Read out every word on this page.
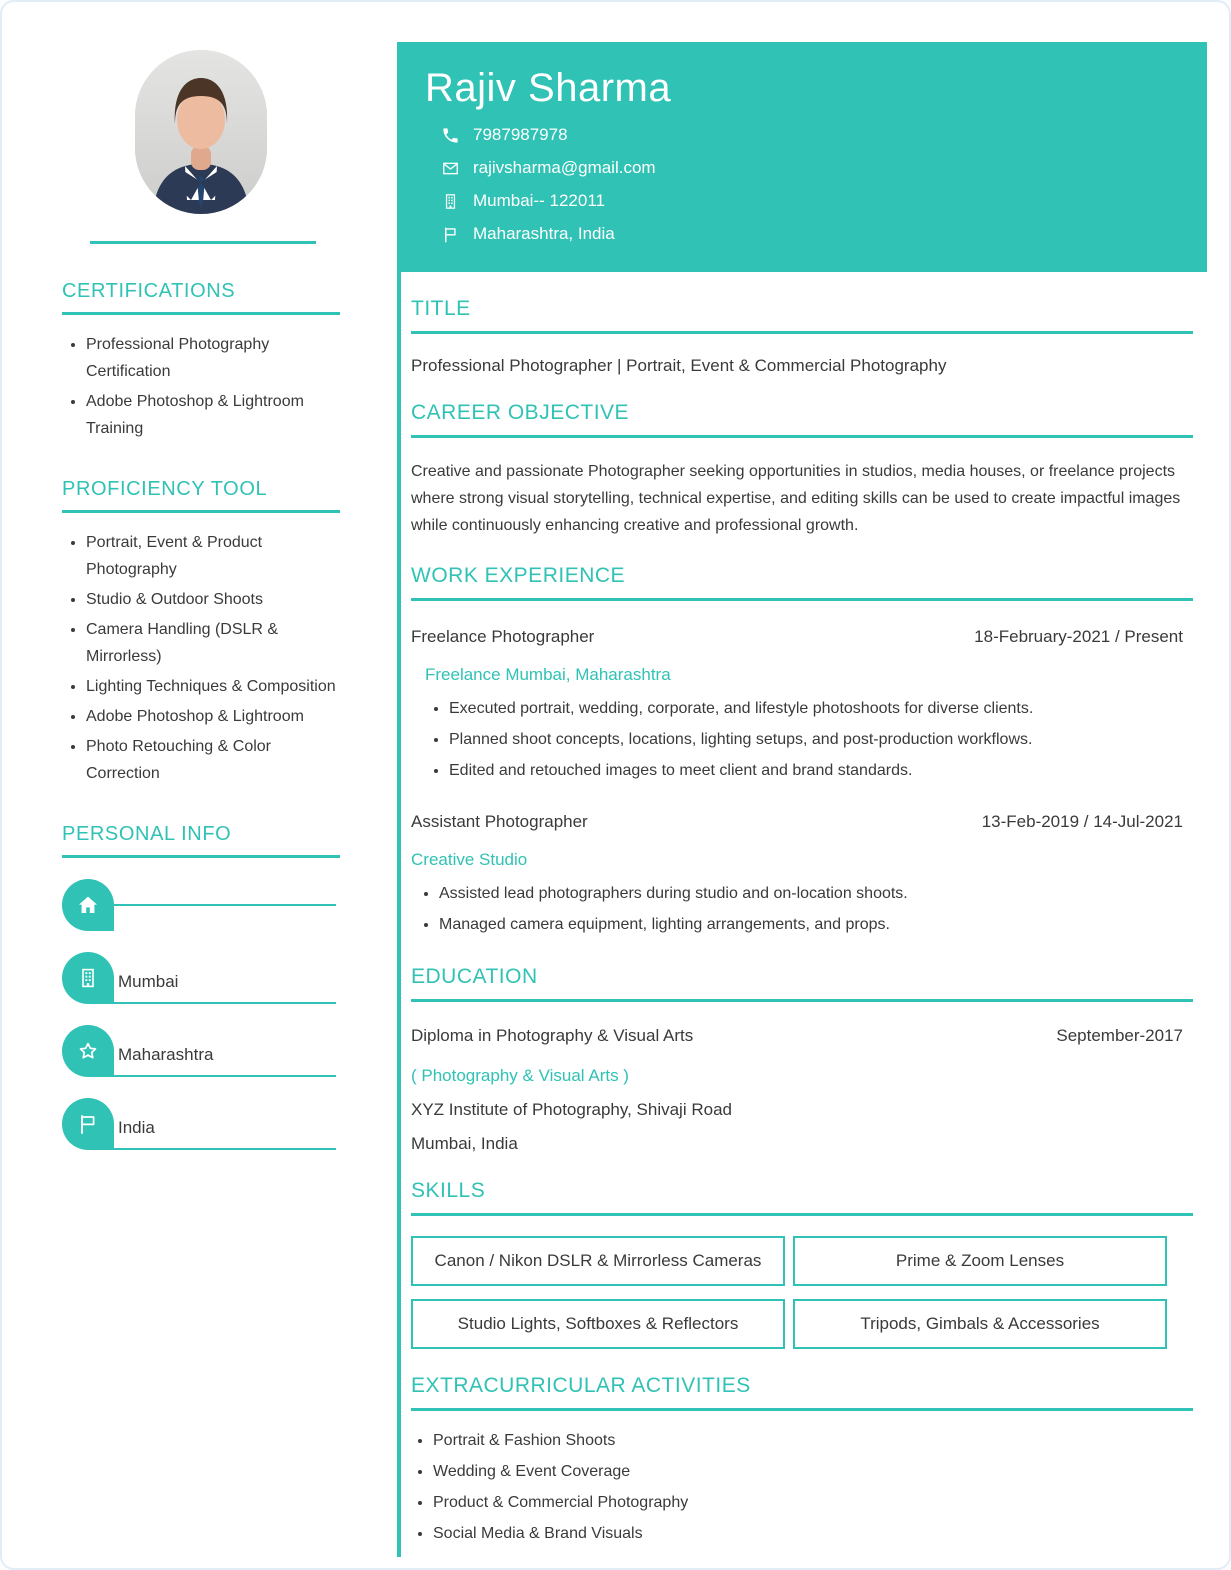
CERTIFICATIONS
• Professional Photography Certification
• Adobe Photoshop & Lightroom Training
PROFICIENCY TOOL
• Portrait, Event & Product Photography
• Studio & Outdoor Shoots
• Camera Handling (DSLR & Mirrorless)
• Lighting Techniques & Composition
• Adobe Photoshop & Lightroom
• Photo Retouching & Color Correction
PERSONAL INFO
Mumbai
Maharashtra
India
Rajiv Sharma
7987987978
rajivsharma@gmail.com
Mumbai-- 122011
Maharashtra, India
TITLE

Professional Photographer | Portrait, Event & Commercial Photography

CAREER OBJECTIVE

Creative and passionate Photographer seeking opportunities in studios, media houses, or freelance projects where strong visual storytelling, technical expertise, and editing skills can be used to create impactful images while continuously enhancing creative and professional growth.

WORK EXPERIENCE
Freelance Photographer	18-February-2021 / Present
Freelance Mumbai, Maharashtra
• Executed portrait, wedding, corporate, and lifestyle photoshoots for diverse clients.
• Planned shoot concepts, locations, lighting setups, and post-production workflows.
• Edited and retouched images to meet client and brand standards.
Assistant Photographer	13-Feb-2019 / 14-Jul-2021
Creative Studio
• Assisted lead photographers during studio and on-location shoots.
• Managed camera equipment, lighting arrangements, and props.
EDUCATION
Diploma in Photography & Visual Arts	September-2017
( Photography & Visual Arts )
XYZ Institute of Photography, Shivaji Road
Mumbai, India
SKILLS
Canon / Nikon DSLR & Mirrorless Cameras	Prime & Zoom Lenses
Studio Lights, Softboxes & Reflectors	Tripods, Gimbals & Accessories
EXTRACURRICULAR ACTIVITIES
• Portrait & Fashion Shoots
• Wedding & Event Coverage
• Product & Commercial Photography
• Social Media & Brand Visuals
